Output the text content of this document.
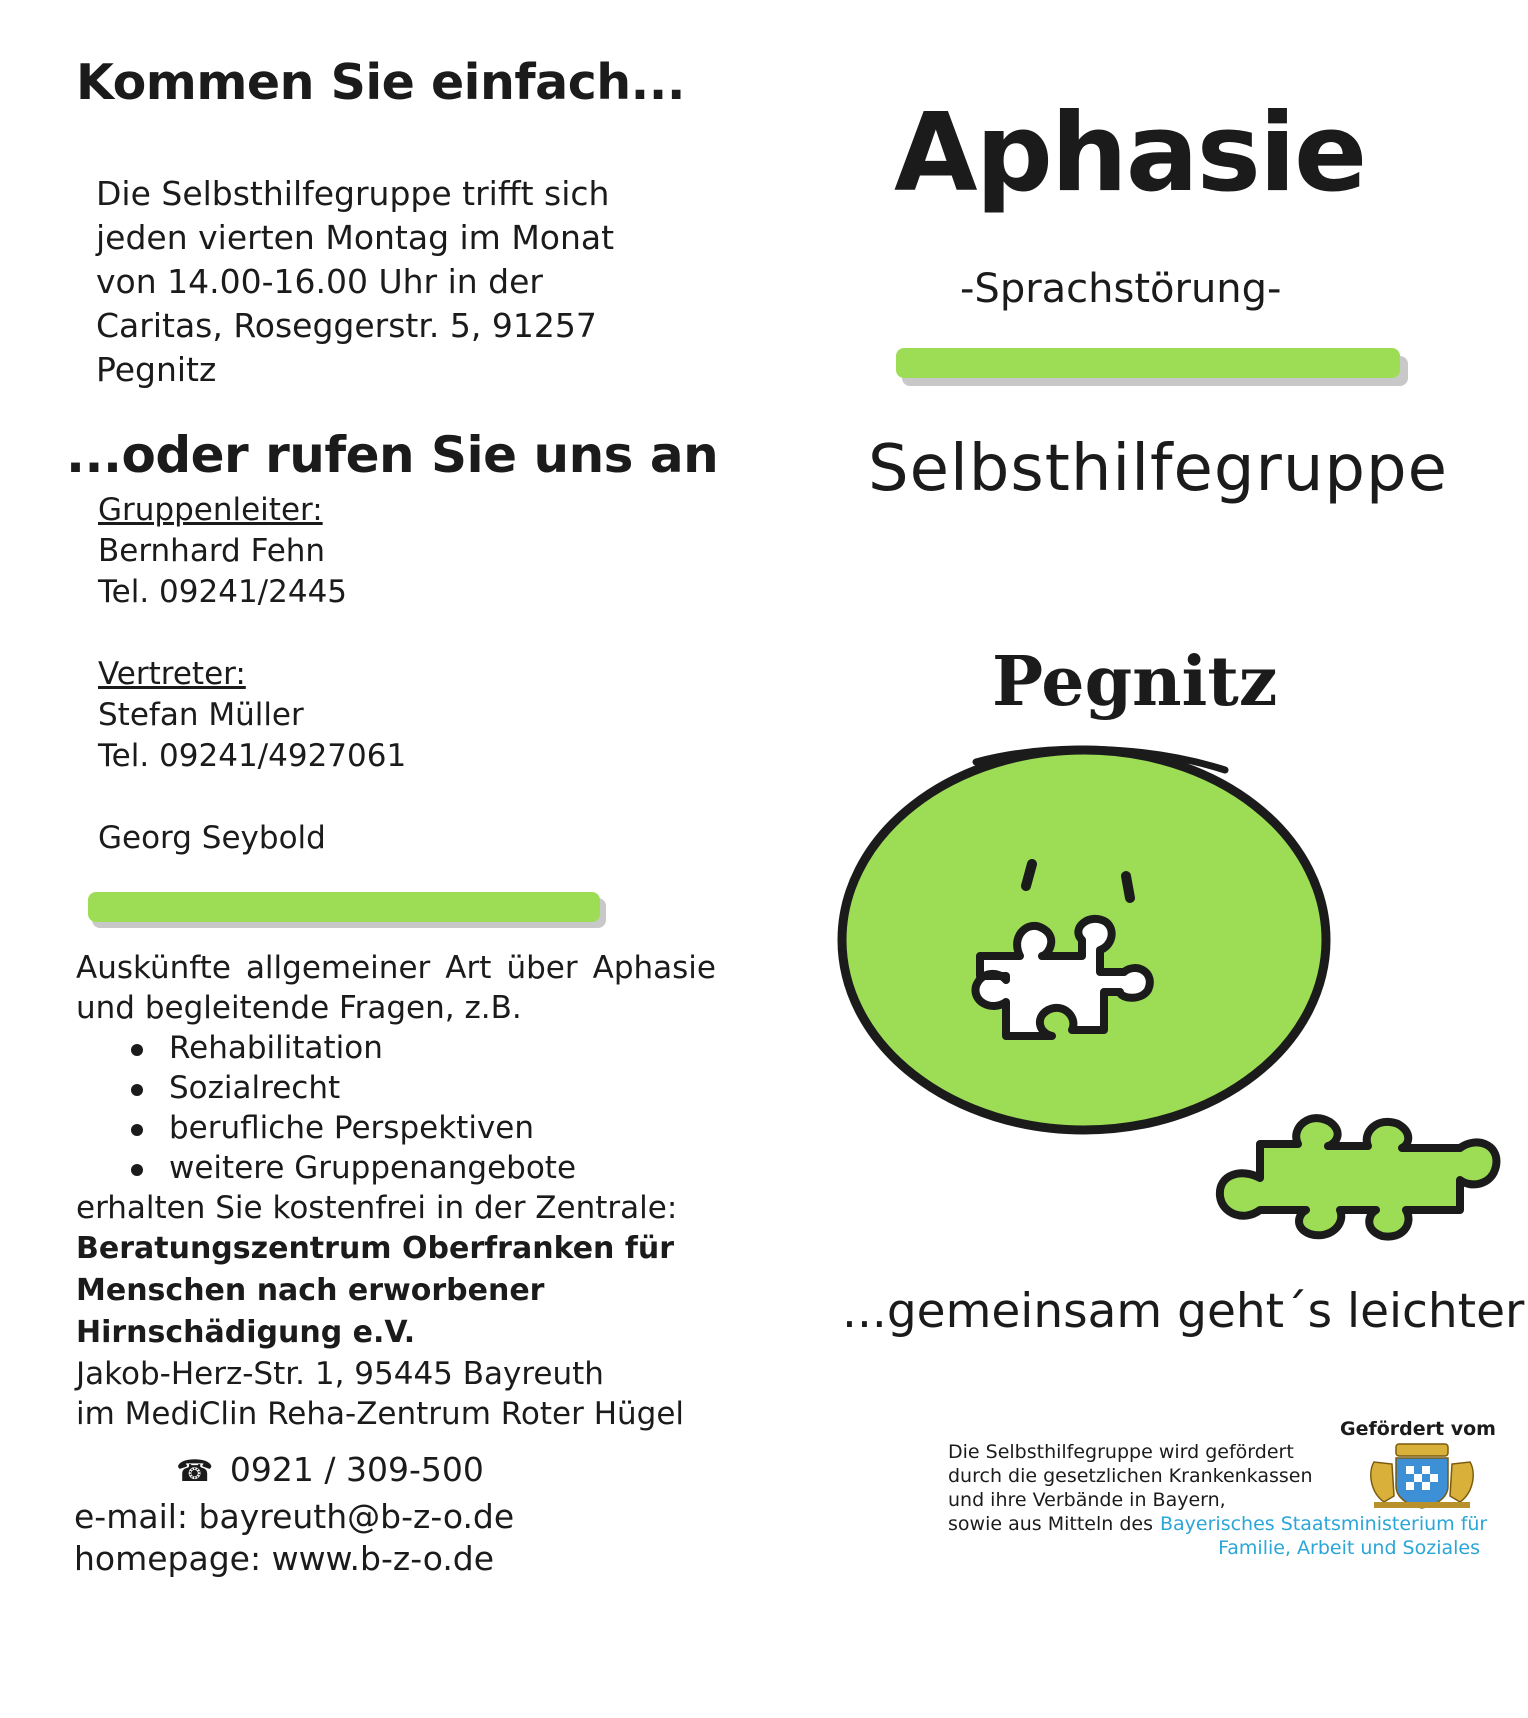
Kommen Sie einfach...
Die Selbsthilfegruppe trifft sich
jeden vierten Montag im Monat
von 14.00-16.00 Uhr in der
Caritas, Roseggerstr. 5, 91257
Pegnitz
...oder rufen Sie uns an
Gruppenleiter:
Bernhard Fehn
Tel. 09241/2445
Vertreter:
Stefan Müller
Tel. 09241/4927061
Georg Seybold
Auskünfte allgemeiner Art über Aphasie
und begleitende Fragen, z.B.
Rehabilitation
Sozialrecht
berufliche Perspektiven
weitere Gruppenangebote
erhalten Sie kostenfrei in der Zentrale:
Beratungszentrum Oberfranken für
Menschen nach erworbener
Hirnschädigung e.V.
Jakob-Herz-Str. 1, 95445 Bayreuth
im MediClin Reha-Zentrum Roter Hügel
☎ 0921 / 309-500
e-mail: bayreuth@b-z-o.de
homepage: www.b-z-o.de
Aphasie
-Sprachstörung-
Selbsthilfegruppe
Pegnitz
...gemeinsam geht´s leichter
Gefördert vom
Die Selbsthilfegruppe wird gefördert
durch die gesetzlichen Krankenkassen
und ihre Verbände in Bayern,
sowie aus Mitteln des Bayerisches Staatsministerium für
Familie, Arbeit und Soziales
